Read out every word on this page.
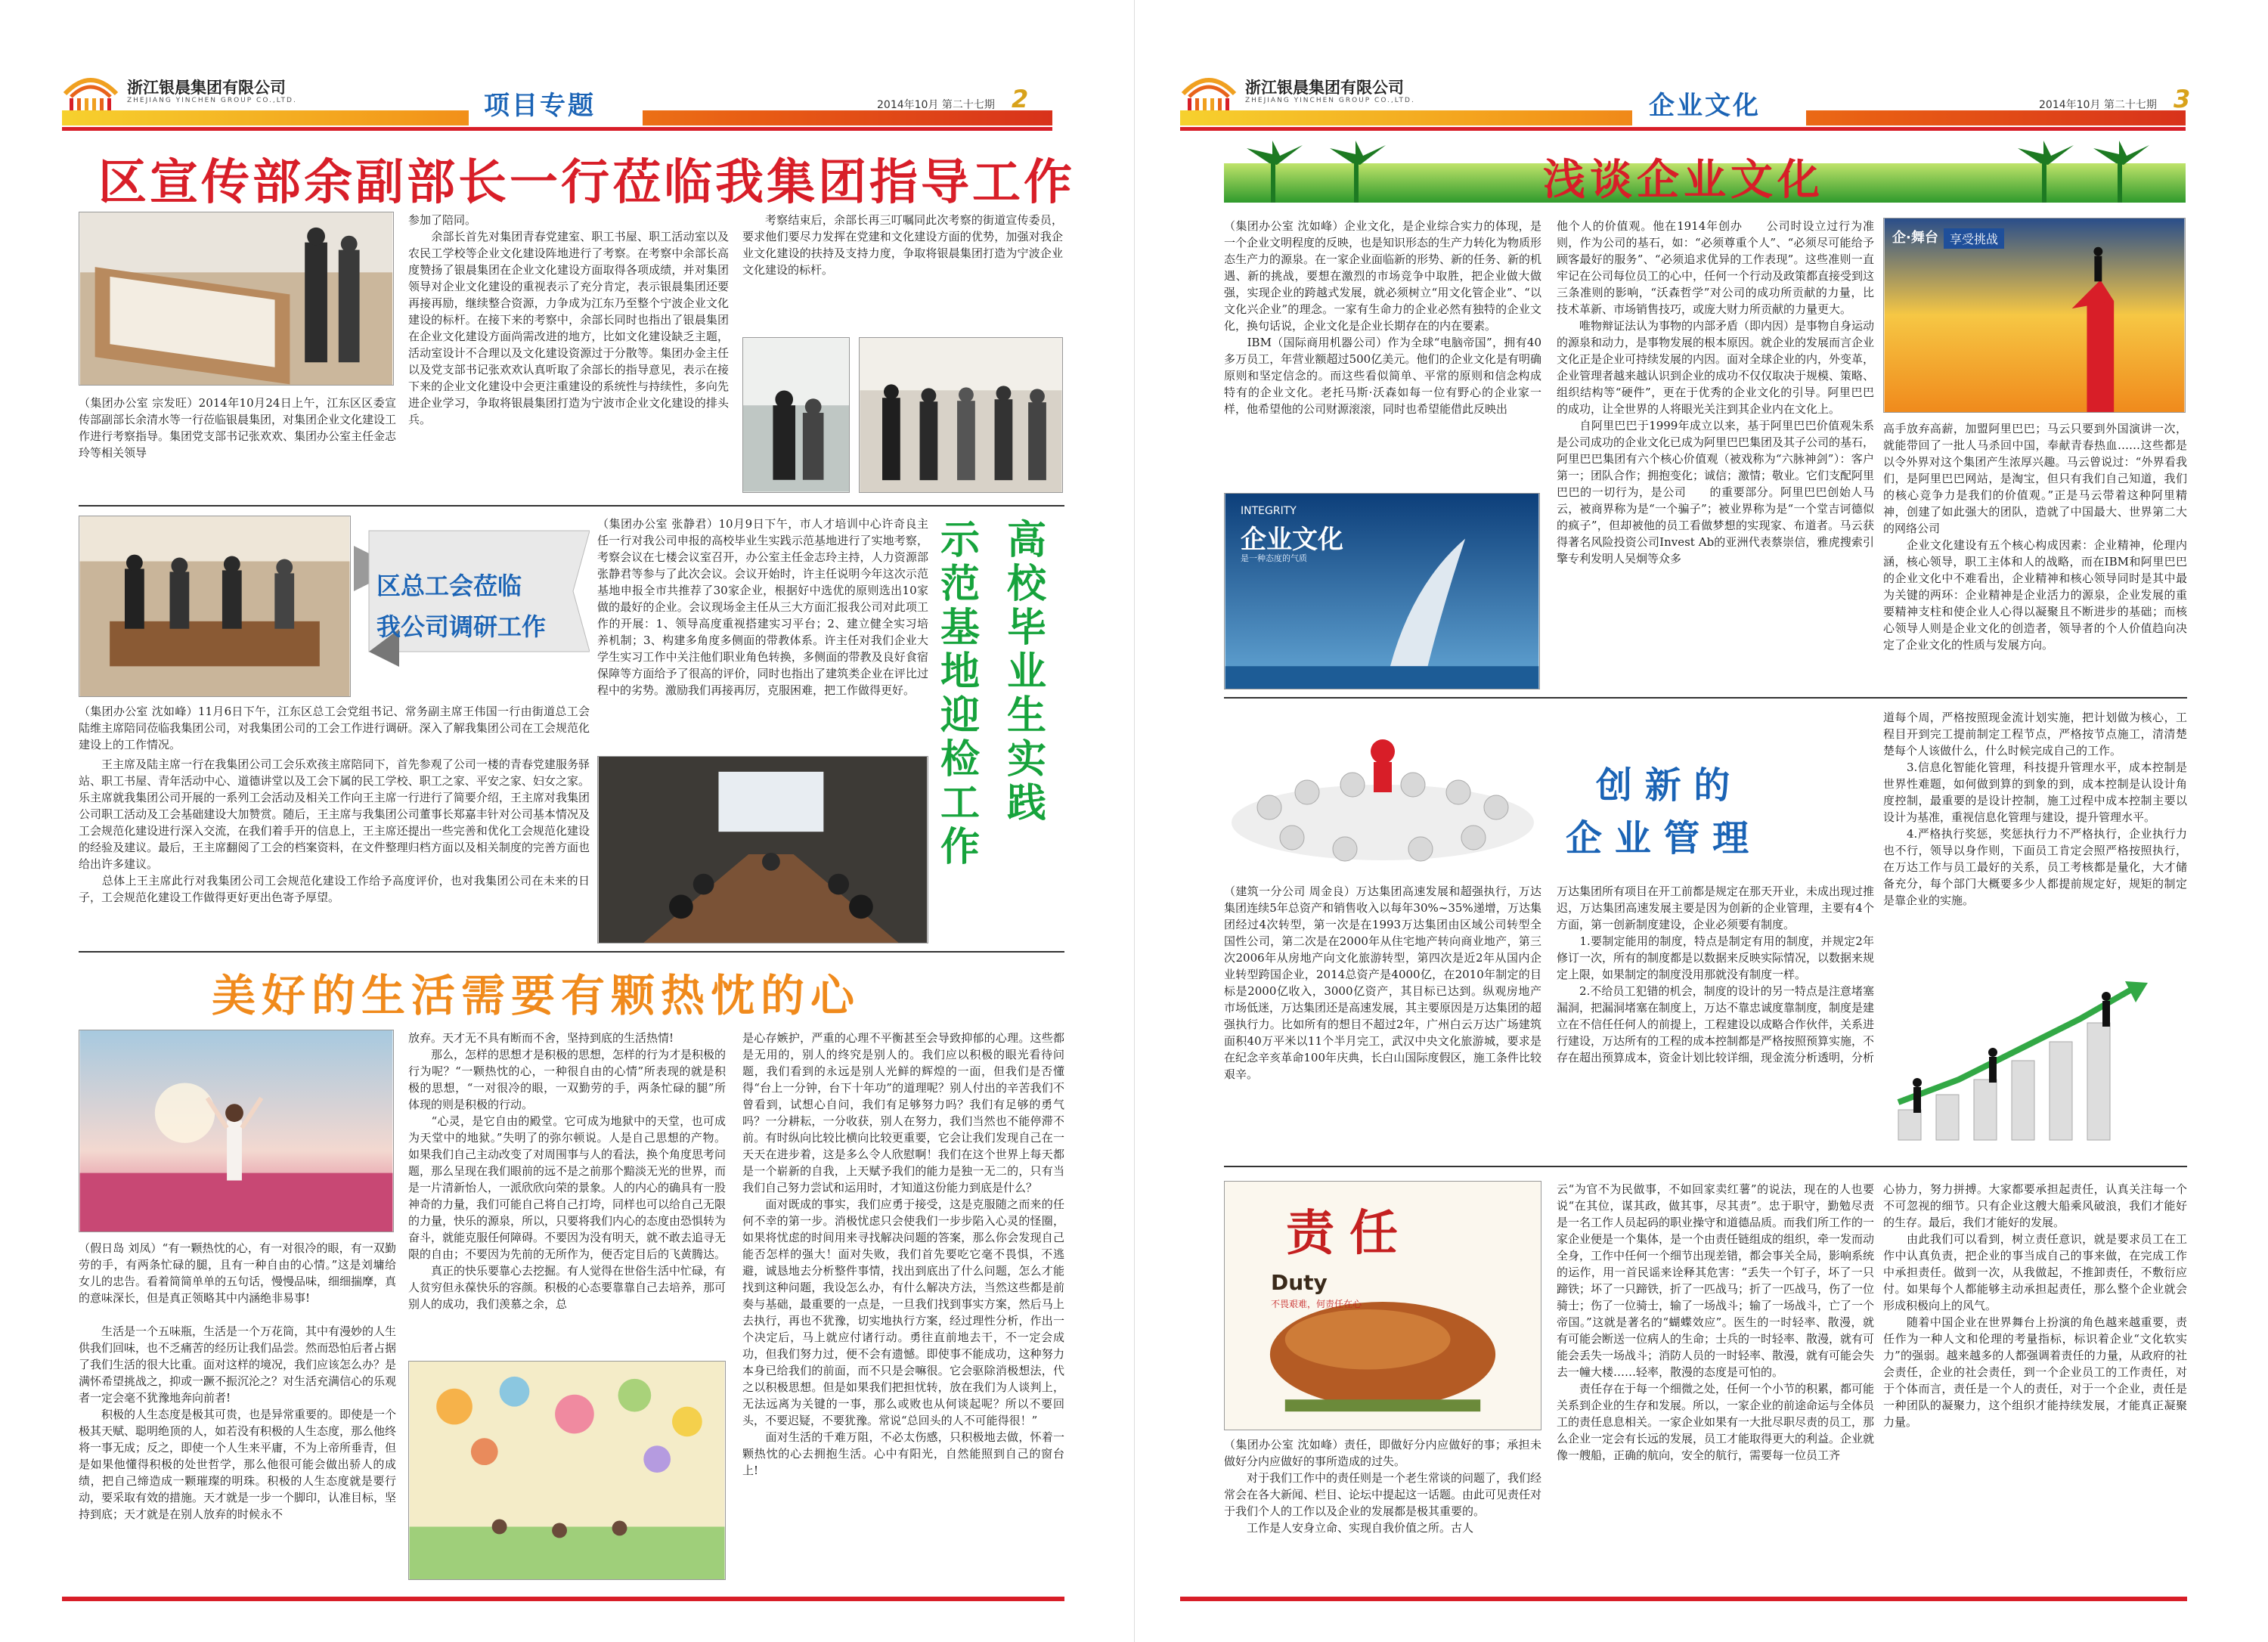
浙江银晨集团有限公司
ZHEJIANG YINCHEN GROUP CO.,LTD.	项目专题	2014年10月 第二十七期 2
区宣传部余副部长一行莅临我集团指导工作
（集团办公室 宗发旺）2014年10月24日上午，江东区区委宣传部副部长余清水等一行莅临银晨集团，对集团企业文化建设工作进行考察指导。集团党支部书记张欢欢、集团办公室主任金志玲等相关领导
参加了陪同。
　　余部长首先对集团青春党建室、职工书屋、职工活动室以及农民工学校等企业文化建设阵地进行了考察。在考察中余部长高度赞扬了银晨集团在企业文化建设方面取得各项成绩，并对集团领导对企业文化建设的重视表示了充分肯定，表示银晨集团还要再接再励，继续整合资源，力争成为江东乃至整个宁波企业文化建设的标杆。在接下来的考察中，余部长同时也指出了银晨集团在企业文化建设方面尚需改进的地方，比如文化建设缺乏主题，活动室设计不合理以及文化建设资源过于分散等。集团办金主任以及党支部书记张欢欢认真听取了余部长的指导意见，表示在接下来的企业文化建设中会更注重建设的系统性与持续性，多向先进企业学习，争取将银晨集团打造为宁波市企业文化建设的排头兵。
考察结束后，余部长再三叮嘱同此次考察的街道宣传委员，要求他们要尽力发挥在党建和文化建设方面的优势，加强对我企业文化建设的扶持及支持力度，争取将银晨集团打造为宁波企业文化建设的标杆。
区总工会莅临
我公司调研工作
（集团办公室 沈如峰）11月6日下午，江东区总工会党组书记、常务副主席王伟国一行由街道总工会陆维主席陪同莅临我集团公司，对我集团公司的工会工作进行调研。深入了解我集团公司在工会规范化建设上的工作情况。
王主席及陆主席一行在我集团公司工会乐欢孩主席陪同下，首先参观了公司一楼的青春党建服务驿站、职工书屋、青年活动中心、道德讲堂以及工会下属的民工学校、职工之家、平安之家、妇女之家。乐主席就我集团公司开展的一系列工会活动及相关工作向王主席一行进行了简要介绍，王主席对我集团公司职工活动及工会基础建设大加赞赏。随后，王主席与我集团公司董事长郑嘉丰针对公司基本情况及工会规范化建设进行深入交流，在我们着手开的信息上，王主席还提出一些完善和优化工会规范化建设的经验及建议。最后，王主席翻阅了工会的档案资料，在文件整理归档方面以及相关制度的完善方面也给出许多建议。
　　总体上王主席此行对我集团公司工会规范化建设工作给予高度评价，也对我集团公司在未来的日子，工会规范化建设工作做得更好更出色寄予厚望。
（集团办公室 张静君）10月9日下午，市人才培训中心许奇良主任一行对我公司申报的高校毕业生实践示范基地进行了实地考察，考察会议在七楼会议室召开，办公室主任金志玲主持，人力资源部张静君等参与了此次会议。会议开始时，许主任说明今年这次示范基地申报全市共推荐了30家企业，根据好中选优的原则选出10家做的最好的企业。会议现场金主任从三大方面汇报我公司对此项工作的开展：1、领导高度重视搭建实习平台；2、建立健全实习培养机制；3、构建多角度多侧面的带教体系。许主任对我们企业大学生实习工作中关注他们职业角色转换，多侧面的带教及良好食宿保障等方面给予了很高的评价，同时也指出了建筑类企业在评比过程中的劣势。激励我们再接再厉，克服困难，把工作做得更好。
高校毕业生实践
示范基地迎检工作
美好的生活需要有颗热忱的心
（假日岛 刘凤）“有一颗热忱的心，有一对很冷的眼，有一双勤劳的手，有两条忙碌的腿，且有一种自由的心情。”这是刘墉给女儿的忠告。看着简简单单的五句话，慢慢品味，细细揣摩，真的意味深长，但是真正领略其中内涵绝非易事!
生活是一个五味瓶，生活是一个万花筒，其中有漫妙的人生供我们回味，也不乏痛苦的经历让我们品尝。然而恐怕后者占据了我们生活的很大比重。面对这样的境况，我们应该怎么办？是满怀希望挑战之，抑或一蹶不振沉沦之？对生活充满信心的乐观者一定会毫不犹豫地奔向前者!
　　积极的人生态度是极其可贵，也是异常重要的。即使是一个极其天赋、聪明绝顶的人，如若没有积极的人生态度，那么他终将一事无成；反之，即使一个人生来平庸，不为上帝所垂青，但是如果他懂得积极的处世哲学，那么他很可能会做出骄人的成绩，把自己缔造成一颗璀璨的明珠。积极的人生态度就是要行动，要采取有效的措施。天才就是一步一个脚印，认准目标，坚持到底；天才就是在别人放弃的时候永不
放弃。天才无不具有断而不舍，坚持到底的生活热情!
　　那么，怎样的思想才是积极的思想，怎样的行为才是积极的行为呢？“一颗热忱的心，一种很自由的心情”所表现的就是积极的思想，“一对很冷的眼，一双勤劳的手，两条忙碌的腿”所体现的则是积极的行动。
　　“心灵，是它自由的殿堂。它可成为地狱中的天堂，也可成为天堂中的地狱。”失明了的弥尔顿说。人是自己思想的产物。如果我们自己主动改变了对周围事与人的看法，换个角度思考问题，那么呈现在我们眼前的远不是之前那个黯淡无光的世界，而是一片清新怡人，一派欣欣向荣的景象。人的内心的确具有一股神奇的力量，我们可能自己将自己打垮，同样也可以给自己无限的力量，快乐的源泉，所以，只要将我们内心的态度由恐惧转为奋斗，就能克服任何障碍。不要因为没有明天，就不敢去追寻无限的自由；不要因为先前的无所作为，便否定目后的飞黄腾达。
　　真正的快乐要靠心去挖掘。有人觉得在世俗生活中忙碌，有人贫穷但永葆快乐的容颜。积极的心态要靠靠自己去培养，那可别人的成功，我们羡慕之余，总
是心存嫉护，严重的心理不平衡甚至会导致抑郁的心理。这些都是无用的，别人的终究是别人的。我们应以积极的眼光看待问题，我们看到的永远是别人光鲜的辉煌的一面，但我们是否懂得“台上一分钟，台下十年功”的道理呢？别人付出的辛苦我们不曾看到，试想心自问，我们有足够努力吗？我们有足够的勇气吗？一分耕耘，一分收获，别人在努力，我们当然也不能停滞不前。有时纵向比较比横向比较更重要，它会让我们发现自己在一天天在进步着，这是多么令人欣慰啊！我们在这个世界上每天都是一个崭新的自我，上天赋予我们的能力是独一无二的，只有当我们自己努力尝试和运用时，才知道这份能力到底是什么？
　　面对既成的事实，我们应勇于接受，这是克服随之而来的任何不幸的第一步。消极忧虑只会使我们一步步陷入心灵的怪圈，如果将忧虑的时间用来寻找解决问题的答案，那么你会发现自己能否怎样的强大！面对失败，我们首先要吃它毫不畏惧，不逃避，诚恳地去分析整件事情，找出到底出了什么问题，怎么才能找到这种问题，我设怎么办，有什么解决方法，当然这些都是前奏与基础，最重要的一点是，一旦我们找到事实方案，然后马上去执行，再也不犹豫，切实地执行方案，经过理性分析，作出一个决定后，马上就应付诸行动。勇往直前地去干，不一定会成功，但我们努力过，便不会有遗憾。即使事不能成功，这种努力本身已给我们的前面，而不只是会嘛很。它会驱除消极想法，代之以积极思想。但是如果我们把担忧转，放在我们为人谈判上，无法远离为关键的一事，那么或败也从何谈起呢？所以不要回头，不要迟疑，不要犹豫。常说“总回头的人不可能得很！”
　　面对生活的千难万阻，不必太伤感，只积极地去做，怀着一颗热忱的心去拥抱生活。心中有阳光，自然能照到自己的窗台上!
浙江银晨集团有限公司
ZHEJIANG YINCHEN GROUP CO.,LTD.	企业文化	2014年10月 第二十七期 3
浅谈企业文化
（集团办公室 沈如峰）企业文化，是企业综合实力的体现，是一个企业文明程度的反映，也是知识形态的生产力转化为物质形态生产力的源泉。在一家企业面临新的形势、新的任务、新的机遇、新的挑战，要想在激烈的市场竞争中取胜，把企业做大做强，实现企业的跨越式发展，就必须树立“用文化管企业”、“以文化兴企业”的理念。一家有生命力的企业必然有独特的企业文化，换句话说，企业文化是企业长期存在的内在要素。
　　IBM（国际商用机器公司）作为全球“电脑帝国”，拥有40多万员工，年营业额超过500亿美元。他们的企业文化是有明确原则和坚定信念的。而这些看似简单、平常的原则和信念构成　　特有的企业文化。老托马斯·沃森如每一位有野心的企业家一样，他希望他的公司财源滚滚，同时也希望能借此反映出
他个人的价值观。他在1914年创办　　公司时设立过行为准则，作为公司的基石，如：“必须尊重个人”、“必须尽可能给予顾客最好的服务”、“必须追求优异的工作表现”。这些准则一直牢记在公司每位员工的心中，任何一个行动及政策都直接受到这三条准则的影响，“沃森哲学”对公司的成功所贡献的力量，比技术革新、市场销售技巧，或庞大财力所贡献的力量更大。
　　唯物辩证法认为事物的内部矛盾（即内因）是事物自身运动的源泉和动力，是事物发展的根本原因。就企业的发展而言企业文化正是企业可持续发展的内因。面对全球企业的内，外变革，企业管理者越来越认识到企业的成功不仅仅取决于规模、策略、组织结构等“硬件”，更在于优秀的企业文化的引导。阿里巴巴的成功，让全世界的人将眼光关注到其企业内在文化上。
　　自阿里巴巴于1999年成立以来，基于阿里巴巴价值观朱系是公司成功的企业文化已成为阿里巴巴集团及其子公司的基石，阿里巴巴集团有六个核心价值观（被戏称为“六脉神剑”）：客户第一；团队合作；拥抱变化；诚信；激情；敬业。它们支配阿里巴巴的一切行为，是公司　　的重要部分。阿里巴巴创始人马云，被商界称为是“一个骗子”；被业界称为是“一个堂吉诃德似的疯子”，但却被他的员工看做梦想的实现家、布道者。马云获得著名风险投资公司Invest Ab的亚洲代表蔡崇信，雅虎搜索引擎专利发明人吴炯等众多
INTEGRITY
企业文化
是一种态度的气质
企·舞台 享受挑战
高手放弃高薪，加盟阿里巴巴；马云只要到外国演讲一次，就能带回了一批人马杀回中国，奉献青春热血……这些都是以令外界对这个集团产生浓厚兴趣。马云曾说过：“外界看我们，是阿里巴巴网站，是淘宝，但只有我们自己知道，我们的核心竞争力是我们的价值观。”正是马云带着这种阿里精神，创建了如此强大的团队，造就了中国最大、世界第二大的网络公司
　　企业文化建设有五个核心构成因素：企业精神，伦理内涵，核心领导，职工主体和人的战略，而在IBM和阿里巴巴的企业文化中不难看出，企业精神和核心领导同时是其中最为关键的两环：企业精神是企业活力的源泉，企业发展的重要精神支柱和使企业人心得以凝聚且不断进步的基础；而核心领导人则是企业文化的创造者，领导者的个人价值趋向决定了企业文化的性质与发展方向。
创 新 的
企 业 管 理
（建筑一分公司 周金良）万达集团高速发展和超强执行，万达集团连续5年总资产和销售收入以每年30%~35%递增，万达集团经过4次转型，第一次是在1993万达集团由区域公司转型全国性公司，第二次是在2000年从住宅地产转向商业地产，第三次2006年从房地产向文化旅游转型，第四次是近2年从国内企业转型跨国企业，2014总资产是4000亿，在2010年制定的目标是2000亿收入，3000亿资产，其目标已达到。纵观房地产市场低迷，万达集团还是高速发展，其主要原因是万达集团的超强执行力。比如所有的想目不超过2年，广州白云万达广场建筑面积40万平米以11个半月完工，武汉中央文化旅游城，要求是在纪念辛亥革命100年庆典，长白山国际度假区，施工条件比较艰辛。
万达集团所有项目在开工前都是规定在那天开业，未成出现过推迟，万达集团高速发展主要是因为创新的企业管理，主要有4个方面，第一创新制度建设，企业必须要有制度。
　　1.要制定能用的制度，特点是制定有用的制度，并规定2年修订一次，所有的制度都是以数据来反映实际情况，以数据来规定上限，如果制定的制度没用那就没有制度一样。
　　2.不给员工犯错的机会，制度的设计的另一特点是注意堵塞漏洞，把漏洞堵塞在制度上，万达不靠忠诚度靠制度，制度是建立在不信任任何人的前提上，工程建设以成略合作伙伴，关系进行建设，万达所有的工程的成本控制都是严格按照预算实施，不存在超出预算成本，资金计划比较详细，现金流分析透明，分析
道每个周，严格按照现金流计划实施，把计划做为核心，工程目开到完工提前制定工程节点，严格按节点施工，清清楚楚每个人该做什么，什么时候完成自己的工作。
　　3.信息化智能化管理，科技提升管理水平，成本控制是世界性难题，如何做到算的到象的到，成本控制是认设计角度控制，最重要的是设计控制，施工过程中成本控制主要以设计为基准，重视信息化管理与建设，提升管理水平。
　　4.严格执行奖惩，奖惩执行力不严格执行，企业执行力也不行，领导以身作则，下面员工肯定会照严格按照执行，在万达工作与员工最好的关系，员工考核都是量化，大才储备充分，每个部门大概要多少人都提前规定好，规矩的制定是靠企业的实施。
责任
Duty
不畏艰难，何责任在心
（集团办公室 沈如峰）责任，即做好分内应做好的事；承担未做好分内应做好的事所造成的过失。
　　对于我们工作中的责任则是一个老生常谈的问题了，我们经常会在各大新闻、栏目、论坛中提起这一话题。由此可见责任对于我们个人的工作以及企业的发展都是极其重要的。
　　工作是人安身立命、实现自我价值之所。古人
云“为官不为民做事，不如回家卖红薯”的说法，现在的人也要说“在其位，谋其政，做其事，尽其责”。忠于职守，勤勉尽责是一名工作人员起码的职业操守和道德品质。而我们所工作的一家企业便是一个集体，是一个由责任链组成的组织，牵一发而动全身，工作中任何一个细节出现差错，都会事关全局，影响系统的运作，用一首民谣来诠释其危害：“丢失一个钉子，坏了一只蹄铁；坏了一只蹄铁，折了一匹战马；折了一匹战马，伤了一位骑士；伤了一位骑士，输了一场战斗；输了一场战斗，亡了一个帝国。”这就是著名的“蝴蝶效应”。医生的一时轻率、散漫，就有可能会断送一位病人的生命；士兵的一时轻率、散漫，就有可能会丢失一场战斗；消防人员的一时轻率、散漫，就有可能会失去一幢大楼……轻率，散漫的态度是可怕的。
　　责任存在于每一个细微之处，任何一个小节的积累，都可能关系到企业的生存和发展。所以，一家企业的前途命运与全体员工的责任息息相关。一家企业如果有一大批尽职尽责的员工，那么企业一定会有长远的发展，员工才能取得更大的利益。企业就像一艘船，正确的航向，安全的航行，需要每一位员工齐
心协力，努力拼搏。大家都要承担起责任，认真关注每一个不可忽视的细节。只有企业这艘大船乘风破浪，我们才能好的生存。最后，我们才能好的发展。
　　由此我们可以看到，树立责任意识，就是要求员工在工作中认真负责，把企业的事当成自己的事来做，在完成工作中承担责任。做到一次，从我做起，不推卸责任，不敷衍应付。如果每个人都能够主动承担起责任，那么整个企业就会形成积极向上的风气。
　　随着中国企业在世界舞台上扮演的角色越来越重要，责任作为一种人文和伦理的考量指标，标识着企业“文化软实力”的强弱。越来越多的人都强调着责任的力量，从政府的社会责任，企业的社会责任，到一个企业员工的工作责任，对于个体而言，责任是一个人的责任，对于一个企业，责任是一种团队的凝聚力，这个组织才能持续发展，才能真正凝聚力量。
